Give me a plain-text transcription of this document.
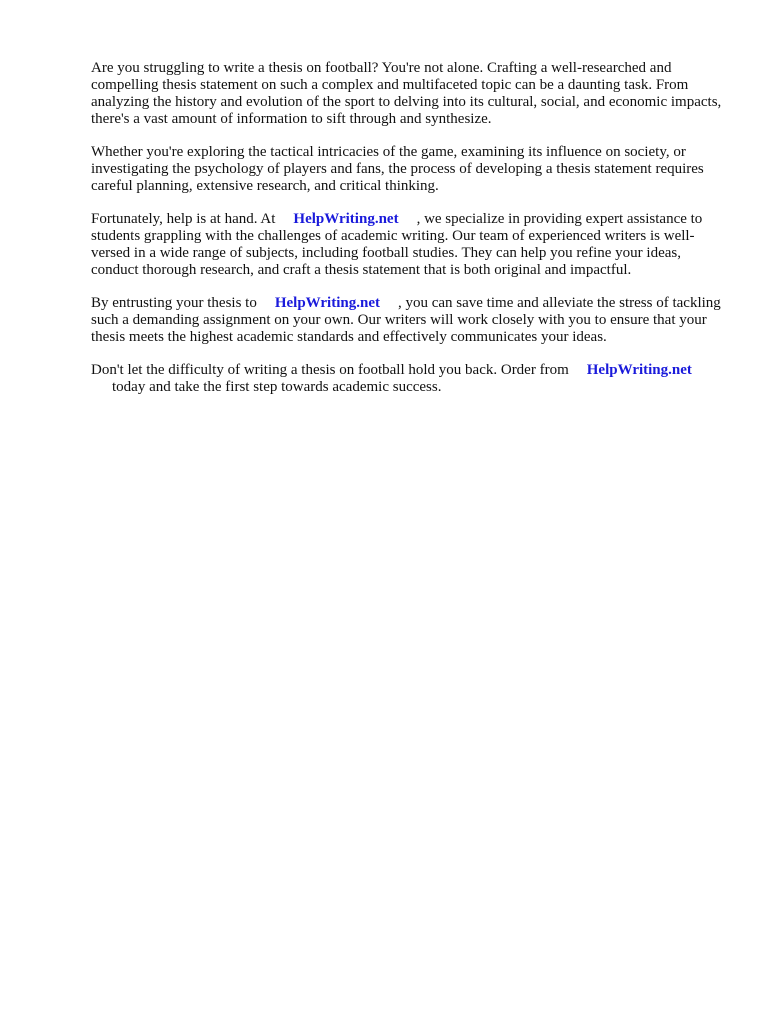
Are you struggling to write a thesis on football? You're not alone. Crafting a well-researched and compelling thesis statement on such a complex and multifaceted topic can be a daunting task. From analyzing the history and evolution of the sport to delving into its cultural, social, and economic impacts, there's a vast amount of information to sift through and synthesize.

Whether you're exploring the tactical intricacies of the game, examining its influence on society, or investigating the psychology of players and fans, the process of developing a thesis statement requires careful planning, extensive research, and critical thinking.

Fortunately, help is at hand. At HelpWriting.net , we specialize in providing expert assistance to students grappling with the challenges of academic writing. Our team of experienced writers is well-versed in a wide range of subjects, including football studies. They can help you refine your ideas, conduct thorough research, and craft a thesis statement that is both original and impactful.

By entrusting your thesis to HelpWriting.net , you can save time and alleviate the stress of tackling such a demanding assignment on your own. Our writers will work closely with you to ensure that your thesis meets the highest academic standards and effectively communicates your ideas.

Don't let the difficulty of writing a thesis on football hold you back. Order from HelpWriting.net
today and take the first step towards academic success.
